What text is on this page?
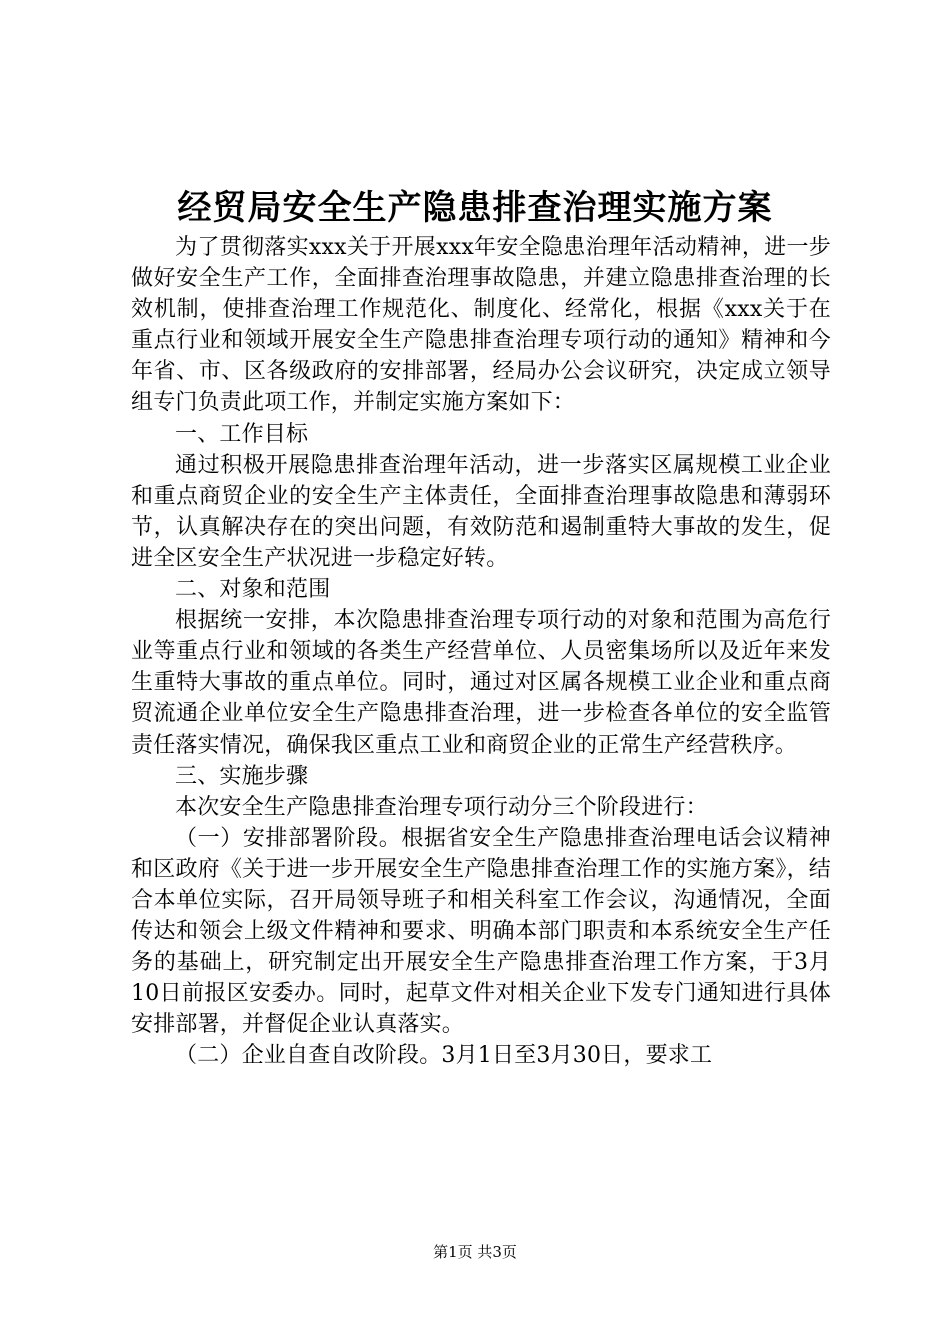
经贸局安全生产隐患排查治理实施方案

为了贯彻落实xxx关于开展xxx年安全隐患治理年活动精神，进一步做好安全生产工作，全面排查治理事故隐患，并建立隐患排查治理的长效机制，使排查治理工作规范化、制度化、经常化，根据《xxx关于在重点行业和领域开展安全生产隐患排查治理专项行动的通知》精神和今年省、市、区各级政府的安排部署，经局办公会议研究，决定成立领导组专门负责此项工作，并制定实施方案如下：

一、工作目标

通过积极开展隐患排查治理年活动，进一步落实区属规模工业企业和重点商贸企业的安全生产主体责任，全面排查治理事故隐患和薄弱环节，认真解决存在的突出问题，有效防范和遏制重特大事故的发生，促进全区安全生产状况进一步稳定好转。

二、对象和范围

根据统一安排，本次隐患排查治理专项行动的对象和范围为高危行业等重点行业和领域的各类生产经营单位、人员密集场所以及近年来发生重特大事故的重点单位。同时，通过对区属各规模工业企业和重点商贸流通企业单位安全生产隐患排查治理，进一步检查各单位的安全监管责任落实情况，确保我区重点工业和商贸企业的正常生产经营秩序。

三、实施步骤

本次安全生产隐患排查治理专项行动分三个阶段进行：

（一）安排部署阶段。根据省安全生产隐患排查治理电话会议精神和区政府《关于进一步开展安全生产隐患排查治理工作的实施方案》，结合本单位实际，召开局领导班子和相关科室工作会议，沟通情况，全面传达和领会上级文件精神和要求、明确本部门职责和本系统安全生产任务的基础上，研究制定出开展安全生产隐患排查治理工作方案，于3月10日前报区安委办。同时，起草文件对相关企业下发专门通知进行具体安排部署，并督促企业认真落实。

（二）企业自查自改阶段。3月1日至3月30日，要求工

第1页 共3页
